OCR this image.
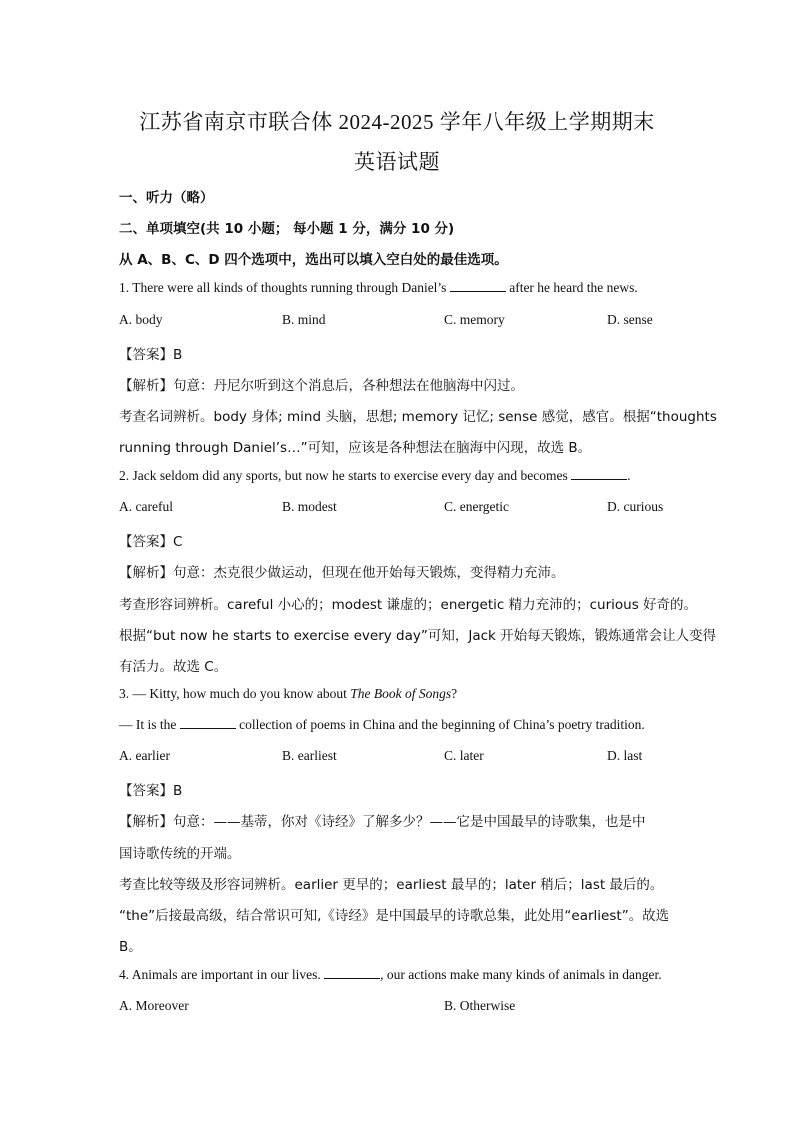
江苏省南京市联合体 2024-2025 学年八年级上学期期末
英语试题
一、听力（略）
二、单项填空(共 10 小题； 每小题 1 分，满分 10 分)
从 A、B、C、D 四个选项中，选出可以填入空白处的最佳选项。
1. There were all kinds of thoughts running through Daniel’s	after he heard the news.
A. body	B. mind	C. memory	D. sense
【答案】B
【解析】句意：丹尼尔听到这个消息后，各种想法在他脑海中闪过。
考查名词辨析。body 身体; mind 头脑，思想; memory 记忆; sense 感觉，感官。根据“thoughts
running through Daniel’s…”可知，应该是各种想法在脑海中闪现，故选 B。
2. Jack seldom did any sports, but now he starts to exercise every day and becomes	.
A. careful	B. modest	C. energetic	D. curious
【答案】C
【解析】句意：杰克很少做运动，但现在他开始每天锻炼，变得精力充沛。
考查形容词辨析。careful 小心的；modest 谦虚的；energetic 精力充沛的；curious 好奇的。
根据“but now he starts to exercise every day”可知，Jack 开始每天锻炼，锻炼通常会让人变得
有活力。故选 C。
3. — Kitty, how much do you know about The Book of Songs?
— It is the	collection of poems in China and the beginning of China’s poetry tradition.
A. earlier	B. earliest	C. later	D. last
【答案】B
【解析】句意：——基蒂，你对《诗经》了解多少？——它是中国最早的诗歌集，也是中
国诗歌传统的开端。
考查比较等级及形容词辨析。earlier 更早的；earliest 最早的；later 稍后；last 最后的。
“the”后接最高级，结合常识可知,《诗经》是中国最早的诗歌总集，此处用“earliest”。故选
B。
4. Animals are important in our lives.	, our actions make many kinds of animals in danger.
A. Moreover	B. Otherwise
